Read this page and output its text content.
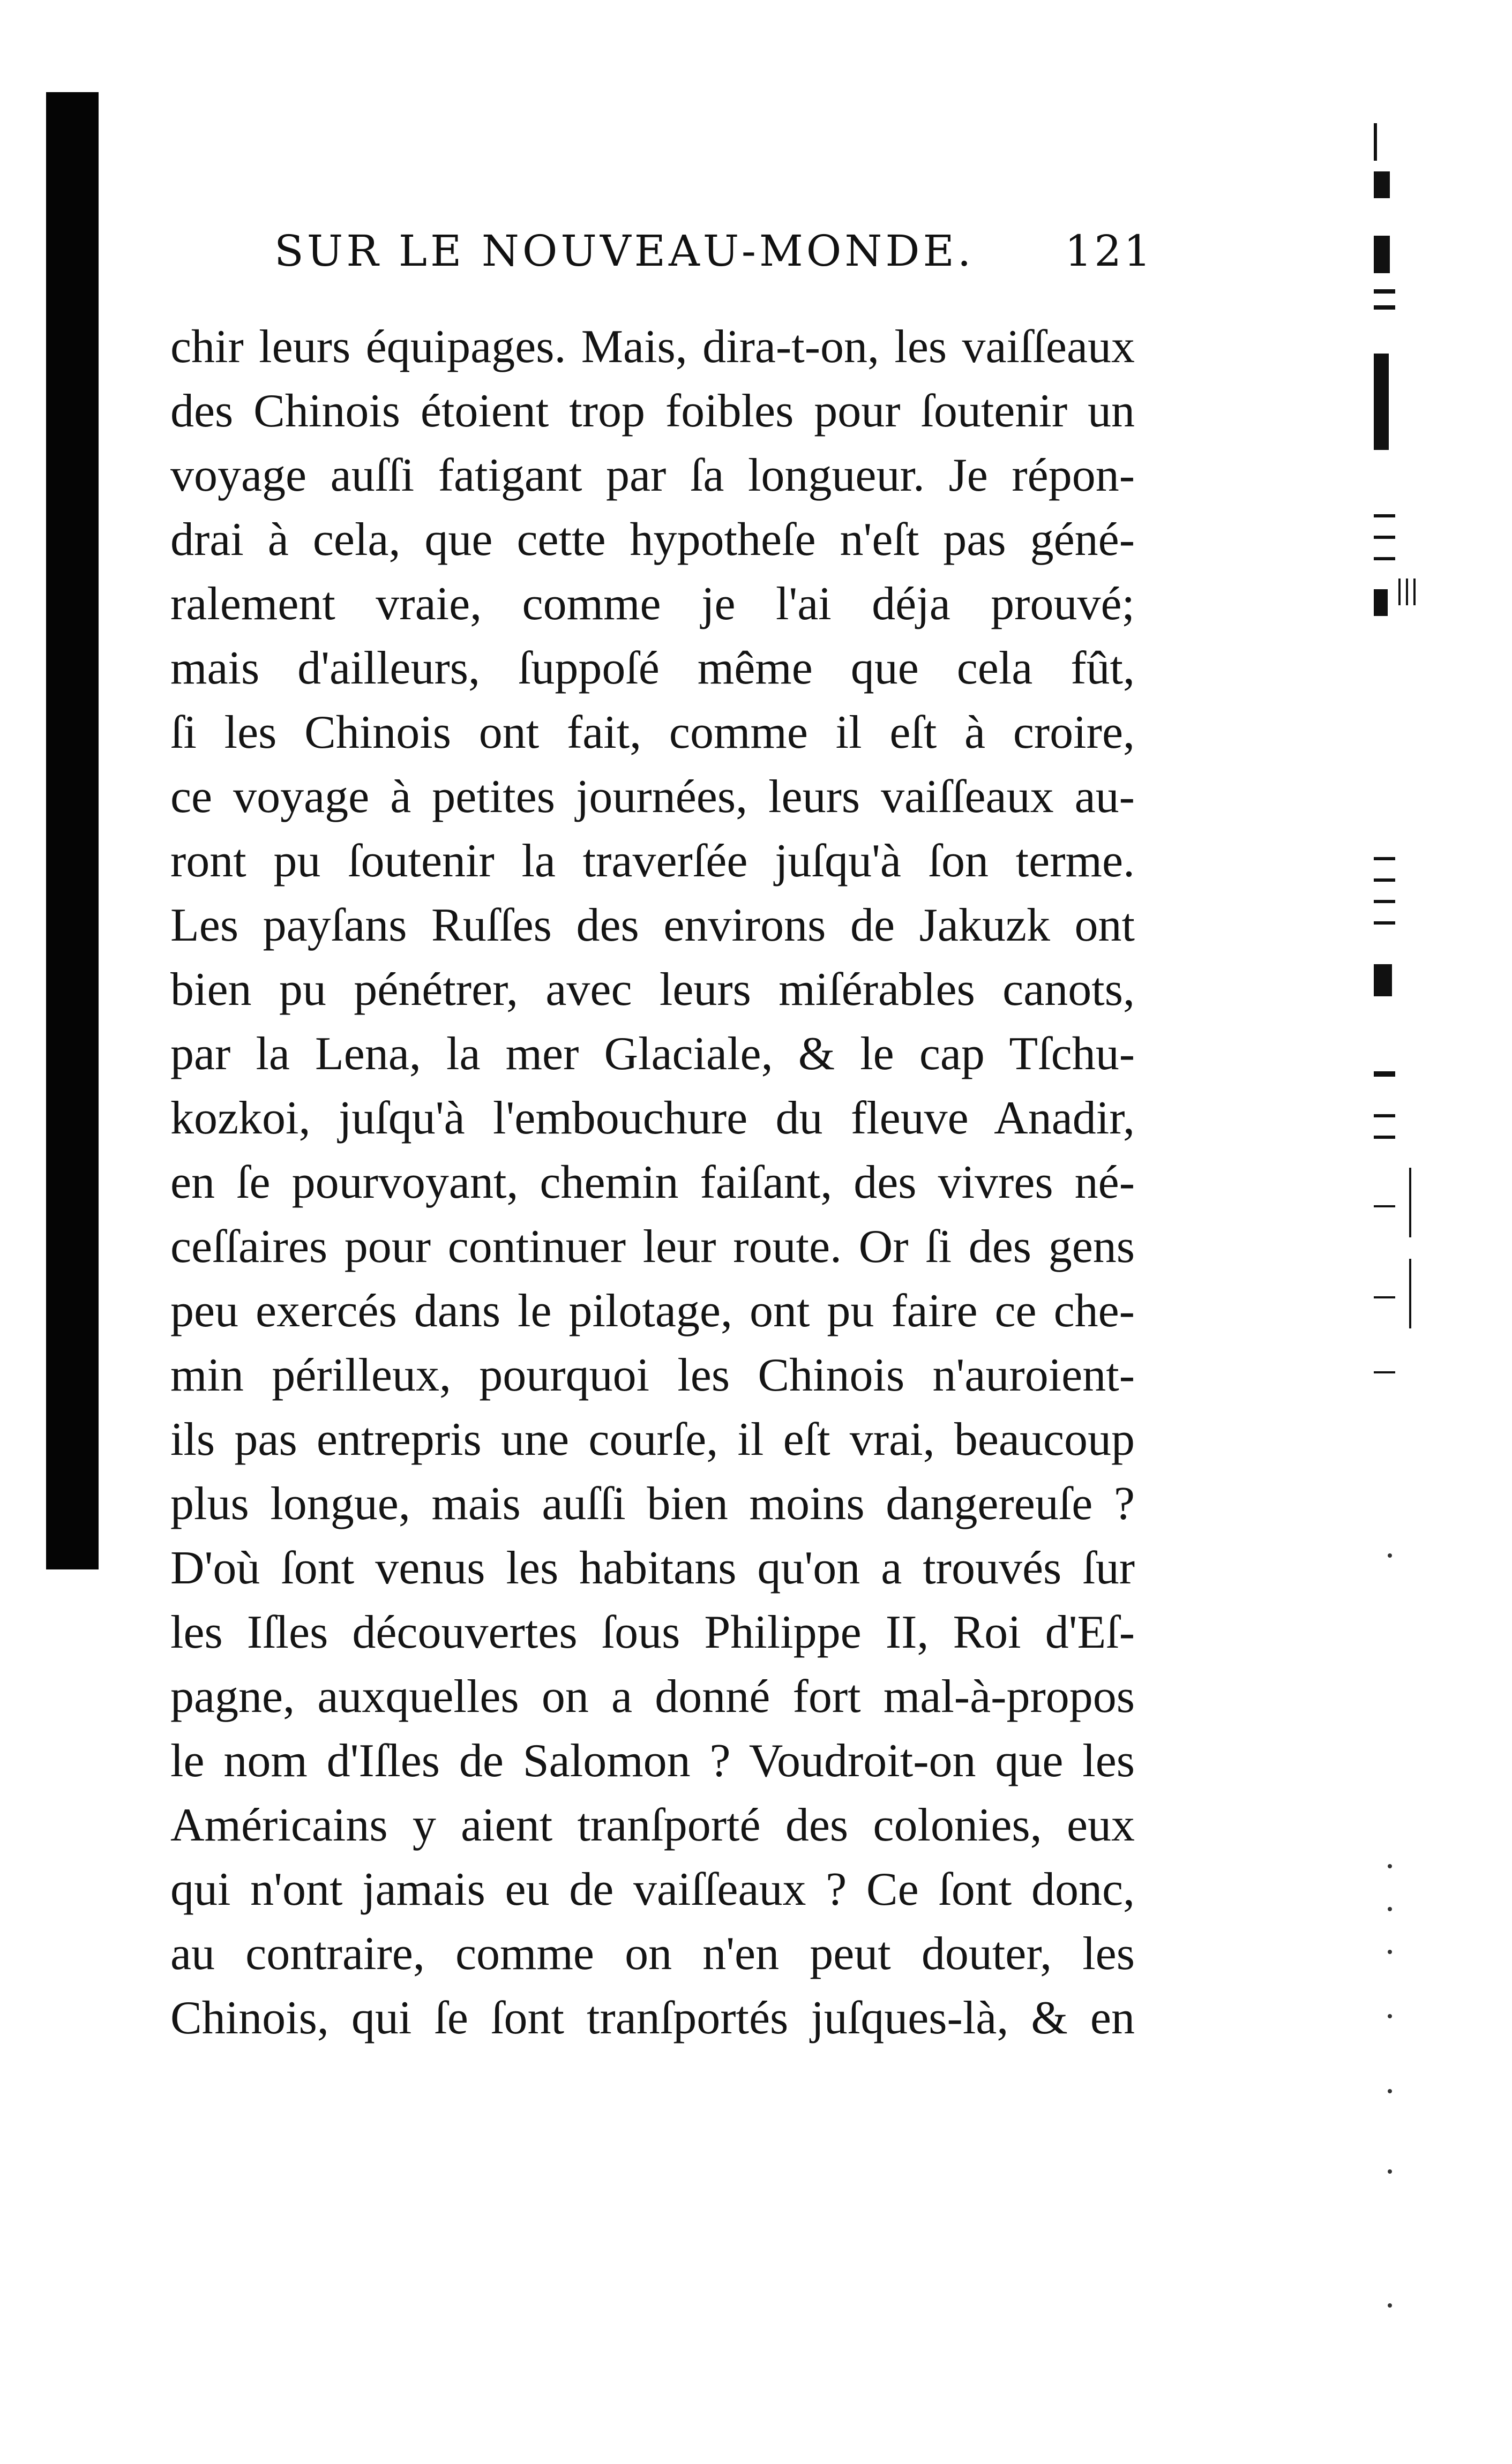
SUR LE NOUVEAU-MONDE. 121
chir leurs équipages. Mais, dira-t-on, les vaiſſeaux
des Chinois étoient trop foibles pour ſoutenir un
voyage auſſi fatigant par ſa longueur. Je répon-
drai à cela, que cette hypotheſe n'eſt pas géné-
ralement vraie, comme je l'ai déja prouvé;
mais d'ailleurs, ſuppoſé même que cela fût,
ſi les Chinois ont fait, comme il eſt à croire,
ce voyage à petites journées, leurs vaiſſeaux au-
ront pu ſoutenir la traverſée juſqu'à ſon terme.
Les payſans Ruſſes des environs de Jakuzk ont
bien pu pénétrer, avec leurs miſérables canots,
par la Lena, la mer Glaciale, & le cap Tſchu-
kozkoi, juſqu'à l'embouchure du fleuve Anadir,
en ſe pourvoyant, chemin faiſant, des vivres né-
ceſſaires pour continuer leur route. Or ſi des gens
peu exercés dans le pilotage, ont pu faire ce che-
min périlleux, pourquoi les Chinois n'auroient-
ils pas entrepris une courſe, il eſt vrai, beaucoup
plus longue, mais auſſi bien moins dangereuſe ?
D'où ſont venus les habitans qu'on a trouvés ſur
les Iſles découvertes ſous Philippe II, Roi d'Eſ-
pagne, auxquelles on a donné fort mal-à-propos
le nom d'Iſles de Salomon ? Voudroit-on que les
Américains y aient tranſporté des colonies, eux
qui n'ont jamais eu de vaiſſeaux ? Ce ſont donc,
au contraire, comme on n'en peut douter, les
Chinois, qui ſe ſont tranſportés juſques-là, & en
